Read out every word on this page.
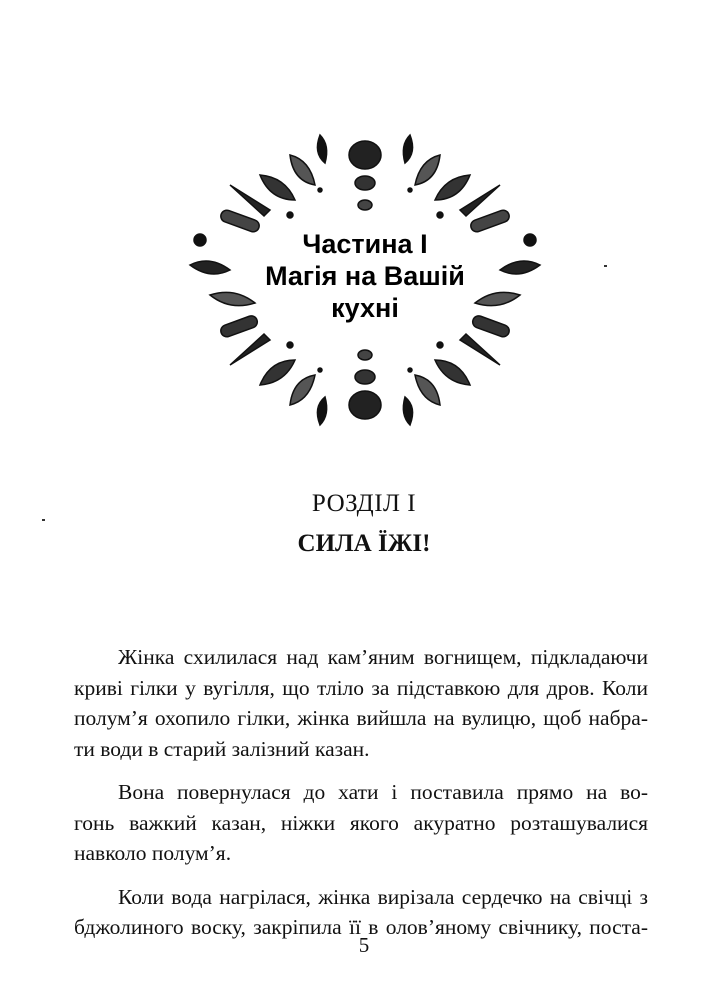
Частина I
Магія на Вашій
кухні
РОЗДІЛ І
СИЛА ЇЖІ!

Жінка схилилася над кам’яним вогнищем, підкладаючи
криві гілки у вугілля, що тліло за підставкою для дров. Коли
полум’я охопило гілки, жінка вийшла на вулицю, щоб набра-
ти води в старий залізний казан.

Вона повернулася до хати і поставила прямо на во-
гонь важкий казан, ніжки якого акуратно розташувалися
навколо полум’я.

Коли вода нагрілася, жінка вирізала сердечко на свічці з
бджолиного воску, закріпила її в олов’яному свічнику, поста-

5
